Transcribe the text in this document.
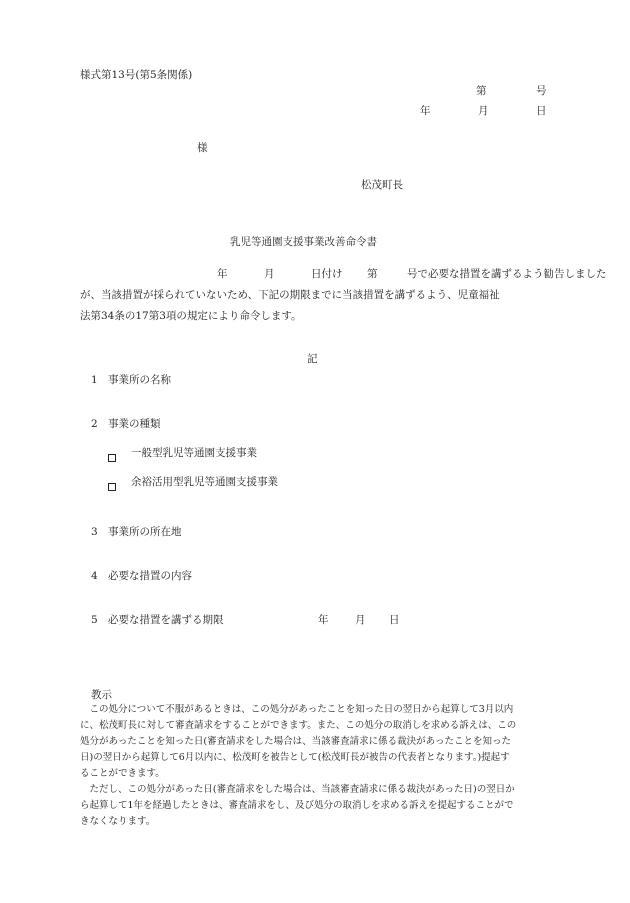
様式第13号(第5条関係)
第	号
年	月	日
様
松茂町長
乳児等通園支援事業改善命令書
年	月	日付け 第	号で必要な措置を講ずるよう勧告しました
が、当該措置が採られていないため、下記の期限までに当該措置を講ずるよう、児童福祉
法第34条の17第3項の規定により命令します。
記
1 事業所の名称
2 事業の種類
一般型乳児等通園支援事業
余裕活用型乳児等通園支援事業
3 事業所の所在地
4 必要な措置の内容
5 必要な措置を講ずる期限	年	月 日
教示
　この処分について不服があるときは、この処分があったことを知った日の翌日から起算して3月以内
に、松茂町長に対して審査請求をすることができます。また、この処分の取消しを求める訴えは、この
処分があったことを知った日(審査請求をした場合は、当該審査請求に係る裁決があったことを知った
日)の翌日から起算して6月以内に、松茂町を被告として(松茂町長が被告の代表者となります。)提起す
ることができます。
　ただし、この処分があった日(審査請求をした場合は、当該審査請求に係る裁決があった日)の翌日か
ら起算して1年を経過したときは、審査請求をし、及び処分の取消しを求める訴えを提起することがで
きなくなります。
